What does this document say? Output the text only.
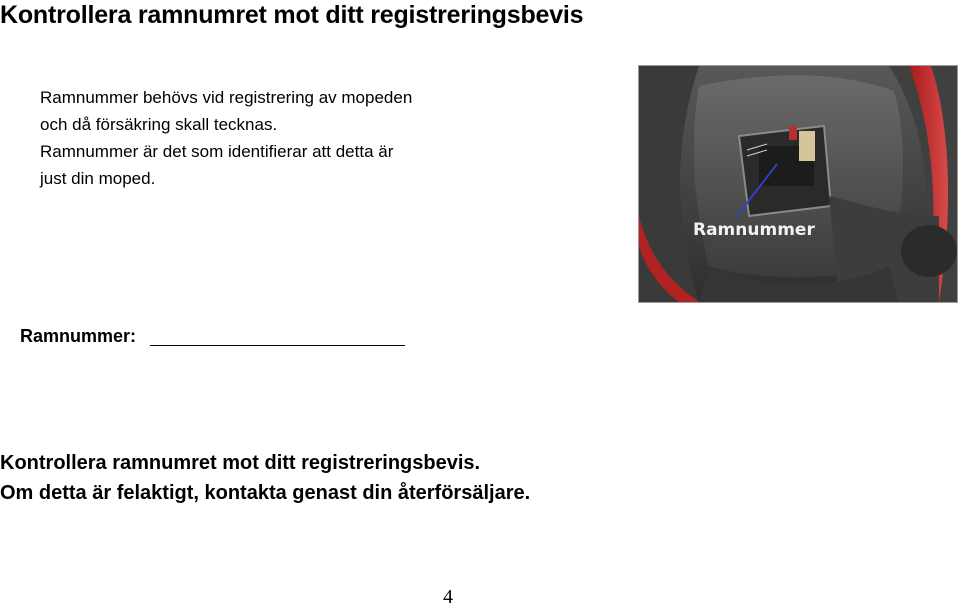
Kontrollera ramnumret mot ditt registreringsbevis

Ramnummer behövs vid registrering av mopeden

och då försäkring skall tecknas.

Ramnummer är det som identifierar att detta är

just din moped.

Ramnummer
Ramnummer:

Kontrollera ramnumret mot ditt registreringsbevis.

Om detta är felaktigt, kontakta genast din återförsäljare.

4
